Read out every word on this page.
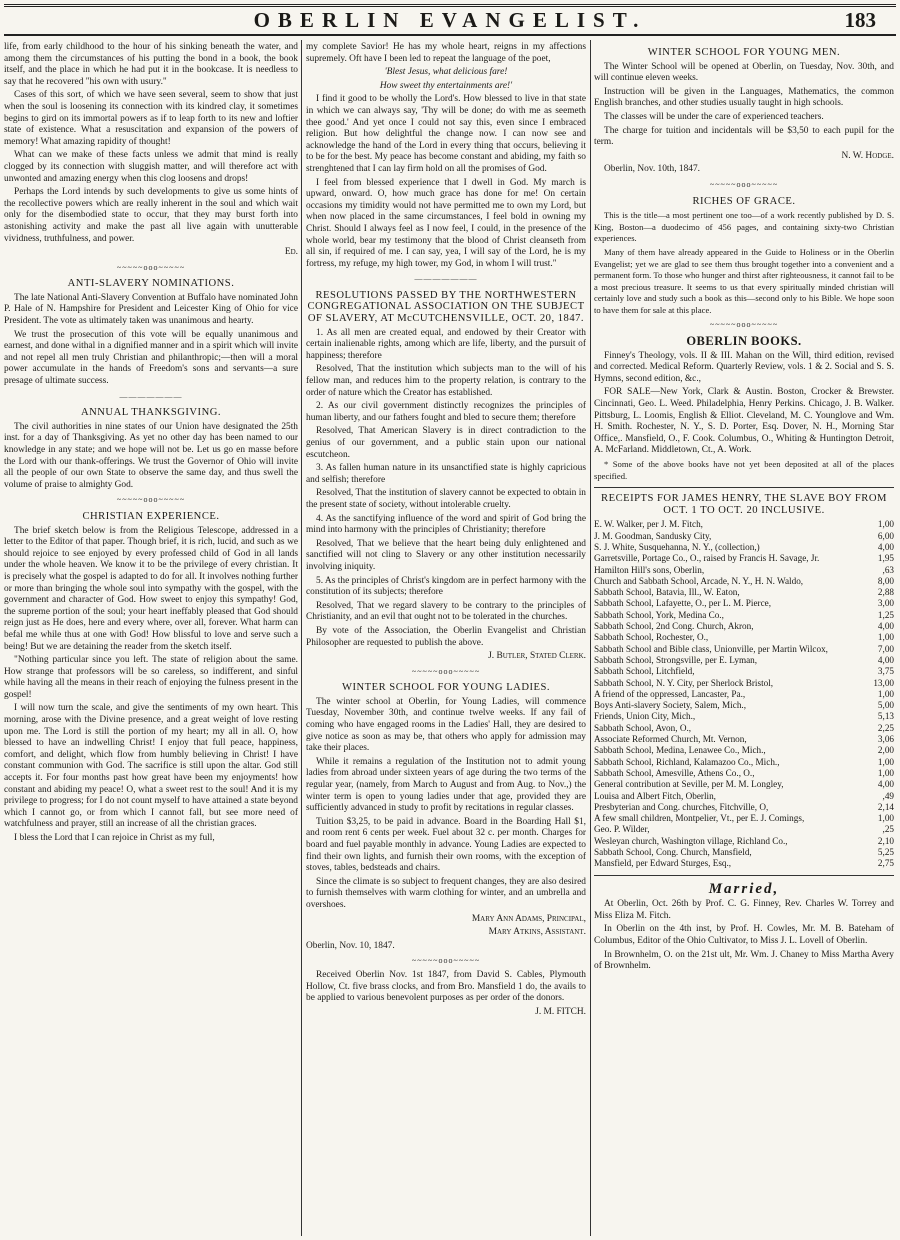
OBERLIN EVANGELIST.	183

life, from early childhood to the hour of his sinking beneath the water, and among them the circumstances of his putting the bond in a book, the book itself, and the place in which he had put it in the bookcase. It is needless to say that he recovered "his own with usury."

Cases of this sort, of which we have seen several, seem to show that just when the soul is loosening its connection with its kindred clay, it sometimes begins to gird on its immortal powers as if to leap forth to its new and loftier state of existence. What a resuscitation and expansion of the powers of memory! What amazing rapidity of thought!

What can we make of these facts unless we admit that mind is really clogged by its connection with sluggish matter, and will therefore act with unwonted and amazing energy when this clog loosens and drops!

Perhaps the Lord intends by such developments to give us some hints of the recollective powers which are really inherent in the soul and which wait only for the disembodied state to occur, that they may burst forth into astonishing activity and make the past all live again with unutterable vividness, truthfulness, and power.

Ed.
~~~~~ooo~~~~~
ANTI-SLAVERY NOMINATIONS.

The late National Anti-Slavery Convention at Buffalo have nominated John P. Hale of N. Hampshire for President and Leicester King of Ohio for vice President. The vote as ultimately taken was unanimous and hearty.

We trust the prosecution of this vote will be equally unanimous and earnest, and done withal in a dignified manner and in a spirit which will invite and not repel all men truly Christian and philanthropic;—then will a moral power accumulate in the hands of Freedom's sons and servants—a sure presage of ultimate success.

———————
ANNUAL THANKSGIVING.

The civil authorities in nine states of our Union have designated the 25th inst. for a day of Thanksgiving. As yet no other day has been named to our knowledge in any state; and we hope will not be. Let us go en masse before the Lord with our thank-offerings. We trust the Governor of Ohio will invite all the people of our own State to observe the same day, and thus swell the volume of praise to almighty God.

~~~~~ooo~~~~~
CHRISTIAN EXPERIENCE.

The brief sketch below is from the Religious Telescope, addressed in a letter to the Editor of that paper. Though brief, it is rich, lucid, and such as we should rejoice to see enjoyed by every professed child of God in all lands under the whole heaven. We know it to be the privilege of every christian. It is precisely what the gospel is adapted to do for all. It involves nothing further or more than bringing the whole soul into sympathy with the gospel, with the government and character of God. How sweet to enjoy this sympathy! God, the supreme portion of the soul; your heart ineffably pleased that God should reign just as He does, here and every where, over all, forever. What harm can befal me while thus at one with God! How blissful to love and serve such a being! But we are detaining the reader from the sketch itself.

"Nothing particular since you left. The state of religion about the same. How strange that professors will be so careless, so indifferent, and sinful while having all the means in their reach of enjoying the fulness present in the gospel!

I will now turn the scale, and give the sentiments of my own heart. This morning, arose with the Divine presence, and a great weight of love resting upon me. The Lord is still the portion of my heart; my all in all. O, how blessed to have an indwelling Christ! I enjoy that full peace, happiness, comfort, and delight, which flow from humbly believing in Christ! I have constant communion with God. The sacrifice is still upon the altar. God still accepts it. For four months past how great have been my enjoyments! how constant and abiding my peace! O, what a sweet rest to the soul! And it is my privilege to progress; for I do not count myself to have attained a state beyond which I cannot go, or from which I cannot fall, but see more need of watchfulness and prayer, still an increase of all the christian graces.

I bless the Lord that I can rejoice in Christ as my full,

my complete Savior! He has my whole heart, reigns in my affections supremely. Oft have I been led to repeat the language of the poet,

'Blest Jesus, what delicious fare!

How sweet thy entertainments are!'

I find it good to be wholly the Lord's. How blessed to live in that state in which we can always say, 'Thy will be done; do with me as seemeth thee good.' And yet once I could not say this, even since I embraced religion. But how delightful the change now. I can now see and acknowledge the hand of the Lord in every thing that occurs, believing it to be for the best. My peace has become constant and abiding, my faith so strenghtened that I can lay firm hold on all the promises of God.

I feel from blessed experience that I dwell in God. My march is upward, onward. O, how much grace has done for me! On certain occasions my timidity would not have permitted me to own my Lord, but when now placed in the same circumstances, I feel bold in owning my Christ. Should I always feel as I now feel, I could, in the presence of the whole world, bear my testimony that the blood of Christ cleanseth from all sin, if required of me. I can say, yea, I will say of the Lord, he is my fortress, my refuge, my high tower, my God, in whom I will trust."

———————
RESOLUTIONS PASSED BY THE NORTHWESTERN CONGREGATIONAL ASSOCIATION ON THE SUBJECT OF SLAVERY, AT McCUTCHENSVILLE, OCT. 20, 1847.

1. As all men are created equal, and endowed by their Creator with certain inalienable rights, among which are life, liberty, and the pursuit of happiness; therefore

Resolved, That the institution which subjects man to the will of his fellow man, and reduces him to the property relation, is contrary to the order of nature which the Creator has established.

2. As our civil government distinctly recognizes the principles of human liberty, and our fathers fought and bled to secure them; therefore

Resolved, That American Slavery is in direct contradiction to the genius of our government, and a public stain upon our national escutcheon.

3. As fallen human nature in its unsanctified state is highly capricious and selfish; therefore

Resolved, That the institution of slavery cannot be expected to obtain in the present state of society, without intolerable cruelty.

4. As the sanctifying influence of the word and spirit of God bring the mind into harmony with the principles of Christianity; therefore

Resolved, That we believe that the heart being duly enlightened and sanctified will not cling to Slavery or any other institution necessarily involving iniquity.

5. As the principles of Christ's kingdom are in perfect harmony with the constitution of its subjects; therefore

Resolved, That we regard slavery to be contrary to the principles of Christianity, and an evil that ought not to be tolerated in the churches.

By vote of the Association, the Oberlin Evangelist and Christian Philosopher are requested to publish the above.

J. Butler, Stated Clerk.
~~~~~ooo~~~~~
WINTER SCHOOL FOR YOUNG LADIES.

The winter school at Oberlin, for Young Ladies, will commence Tuesday, November 30th, and continue twelve weeks. If any fail of coming who have engaged rooms in the Ladies' Hall, they are desired to give notice as soon as may be, that others who apply for admission may take their places.

While it remains a regulation of the Institution not to admit young ladies from abroad under sixteen years of age during the two terms of the regular year, (namely, from March to August and from Aug. to Nov.,) the winter term is open to young ladies under that age, provided they are sufficiently advanced in study to profit by recitations in regular classes.

Tuition $3,25, to be paid in advance. Board in the Boarding Hall $1, and room rent 6 cents per week. Fuel about 32 c. per month. Charges for board and fuel payable monthly in advance. Young Ladies are expected to find their own lights, and furnish their own rooms, with the exception of stoves, tables, bedsteads and chairs.

Since the climate is so subject to frequent changes, they are also desired to furnish themselves with warm clothing for winter, and an umbrella and overshoes.

Mary Ann Adams, Principal,
Mary Atkins, Assistant.

Oberlin, Nov. 10, 1847.

~~~~~ooo~~~~~

Received Oberlin Nov. 1st 1847, from David S. Cables, Plymouth Hollow, Ct. five brass clocks, and from Bro. Mansfield 1 do, the avails to be applied to various benevolent purposes as per order of the donors.

J. M. FITCH.
WINTER SCHOOL FOR YOUNG MEN.

The Winter School will be opened at Oberlin, on Tuesday, Nov. 30th, and will continue eleven weeks.

Instruction will be given in the Languages, Mathematics, the common English branches, and other studies usually taught in high schools.

The classes will be under the care of experienced teachers.

The charge for tuition and incidentals will be $3,50 to each pupil for the term.

N. W. Hodge.

Oberlin, Nov. 10th, 1847.

~~~~~ooo~~~~~
RICHES OF GRACE.

This is the title—a most pertinent one too—of a work recently published by D. S. King, Boston—a duodecimo of 456 pages, and containing sixty-two Christian experiences.

Many of them have already appeared in the Guide to Holiness or in the Oberlin Evangelist; yet we are glad to see them thus brought together into a convenient and a permanent form. To those who hunger and thirst after righteousness, it cannot fail to be a most precious treasure. It seems to us that every spiritually minded christian will certainly love and study such a book as this—second only to his Bible. We hope soon to have them for sale at this place.

~~~~~ooo~~~~~
OBERLIN BOOKS.

Finney's Theology, vols. II & III. Mahan on the Will, third edition, revised and corrected. Medical Reform. Quarterly Review, vols. 1 & 2. Social and S. S. Hymns, second edition, &c.,

FOR SALE—New York, Clark & Austin. Boston, Crocker & Brewster. Cincinnati, Geo. L. Weed. Philadelphia, Henry Perkins. Chicago, J. B. Walker. Pittsburg, L. Loomis, English & Elliot. Cleveland, M. C. Younglove and Wm. H. Smith. Rochester, N. Y., S. D. Porter, Esq. Dover, N. H., Morning Star Office,. Mansfield, O., F. Cook. Columbus, O., Whiting & Huntington Detroit, A. McFarland. Middletown, Ct., A. Work.

* Some of the above books have not yet been deposited at all of the places specified.

RECEIPTS FOR JAMES HENRY, THE SLAVE BOY FROM OCT. 1 TO OCT. 20 INCLUSIVE.
E. W. Walker, per J. M. Fitch,	1,00
J. M. Goodman, Sandusky City,	6,00
S. J. White, Susquehanna, N. Y., (collection,)	4,00
Garretsville, Portage Co., O., raised by Francis H. Savage, Jr.	1,95
Hamilton Hill's sons, Oberlin,	,63
Church and Sabbath School, Arcade, N. Y., H. N. Waldo,	8,00
Sabbath School, Batavia, Ill., W. Eaton,	2,88
Sabbath School, Lafayette, O., per L. M. Pierce,	3,00
Sabbath School, York, Medina Co.,	1,25
Sabbath School, 2nd Cong. Church, Akron,	4,00
Sabbath School, Rochester, O.,	1,00
Sabbath School and Bible class, Unionville, per Martin Wilcox,	7,00
Sabbath School, Strongsville, per E. Lyman,	4,00
Sabbath School, Litchfield,	3,75
Sabbath School, N. Y. City, per Sherlock Bristol,	13,00
A friend of the oppressed, Lancaster, Pa.,	1,00
Boys Anti-slavery Society, Salem, Mich.,	5,00
Friends, Union City, Mich.,	5,13
Sabbath School, Avon, O.,	2,25
Associate Reformed Church, Mt. Vernon,	3,06
Sabbath School, Medina, Lenawee Co., Mich.,	2,00
Sabbath School, Richland, Kalamazoo Co., Mich.,	1,00
Sabbath School, Amesville, Athens Co., O.,	1,00
General contribution at Seville, per M. M. Longley,	4,00
Louisa and Albert Fitch, Oberlin,	,49
Presbyterian and Cong. churches, Fitchville, O,	2,14
A few small children, Montpelier, Vt., per E. J. Comings,	1,00
Geo. P. Wilder,	,25
Wesleyan church, Washington village, Richland Co.,	2,10
Sabbath School, Cong. Church, Mansfield,	5,25
Mansfield, per Edward Sturges, Esq.,	2,75
Married,

At Oberlin, Oct. 26th by Prof. C. G. Finney, Rev. Charles W. Torrey and Miss Eliza M. Fitch.

In Oberlin on the 4th inst, by Prof. H. Cowles, Mr. M. B. Bateham of Columbus, Editor of the Ohio Cultivator, to Miss J. L. Lovell of Oberlin.

In Brownhelm, O. on the 21st ult, Mr. Wm. J. Chaney to Miss Martha Avery of Brownhelm.
